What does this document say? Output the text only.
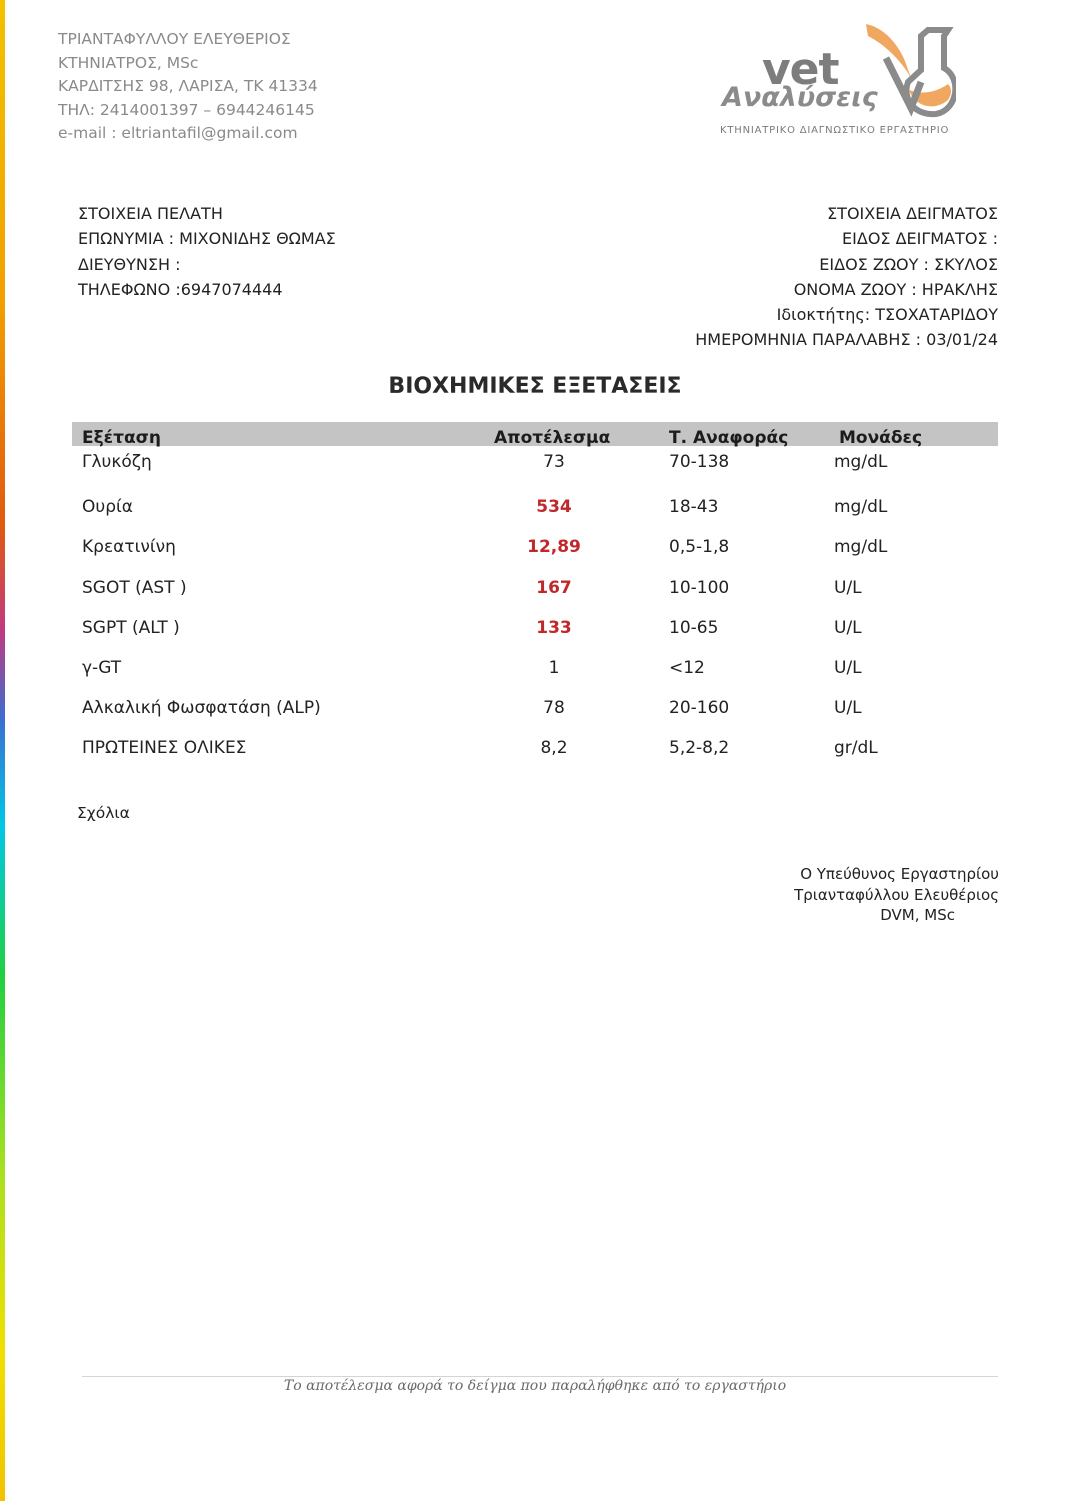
ΤΡΙΑΝΤΑΦΥΛΛΟΥ ΕΛΕΥΘΕΡΙΟΣ
ΚΤΗΝΙΑΤΡΟΣ, MSc
ΚΑΡΔΙΤΣΗΣ 98, ΛΑΡΙΣΑ, ΤΚ 41334
ΤΗΛ: 2414001397 – 6944246145
e-mail : eltriantafil@gmail.com
vet
Αναλύσεις
ΚΤΗΝΙΑΤΡΙΚΟ ΔΙΑΓΝΩΣΤΙΚΟ ΕΡΓΑΣΤΗΡΙΟ
ΣΤΟΙΧΕΙΑ ΠΕΛΑΤΗ
ΕΠΩΝΥΜΙΑ : ΜΙΧΟΝΙΔΗΣ ΘΩΜΑΣ
ΔΙΕΥΘΥΝΣΗ :
ΤΗΛΕΦΩΝΟ :6947074444
ΣΤΟΙΧΕΙΑ ΔΕΙΓΜΑΤΟΣ
ΕΙΔΟΣ ΔΕΙΓΜΑΤΟΣ :
ΕΙΔΟΣ ΖΩΟΥ : ΣΚΥΛΟΣ
ΟΝΟΜΑ ΖΩΟΥ : ΗΡΑΚΛΗΣ
Ιδιοκτήτης: ΤΣΟΧΑΤΑΡΙΔΟΥ
ΗΜΕΡΟΜΗΝΙΑ ΠΑΡΑΛΑΒΗΣ : 03/01/24
ΒΙΟΧΗΜΙΚΕΣ ΕΞΕΤΑΣΕΙΣ
Εξέταση	Αποτέλεσμα	Τ. Αναφοράς	Μονάδες
Γλυκόζη	73	70-138	mg/dL
Ουρία	534	18-43	mg/dL
Κρεατινίνη	12,89	0,5-1,8	mg/dL
SGOT (AST )	167	10-100	U/L
SGPT (ALT )	133	10-65	U/L
γ-GT	1	<12	U/L
Αλκαλική Φωσφατάση (ALP)	78	20-160	U/L
ΠΡΩΤΕΙΝΕΣ ΟΛΙΚΕΣ	8,2	5,2-8,2	gr/dL
Σχόλια
Ο Υπεύθυνος Εργαστηρίου
Τριανταφύλλου Ελευθέριος
DVM, MSc
Το αποτέλεσμα αφορά το δείγμα που παραλήφθηκε από το εργαστήριο
